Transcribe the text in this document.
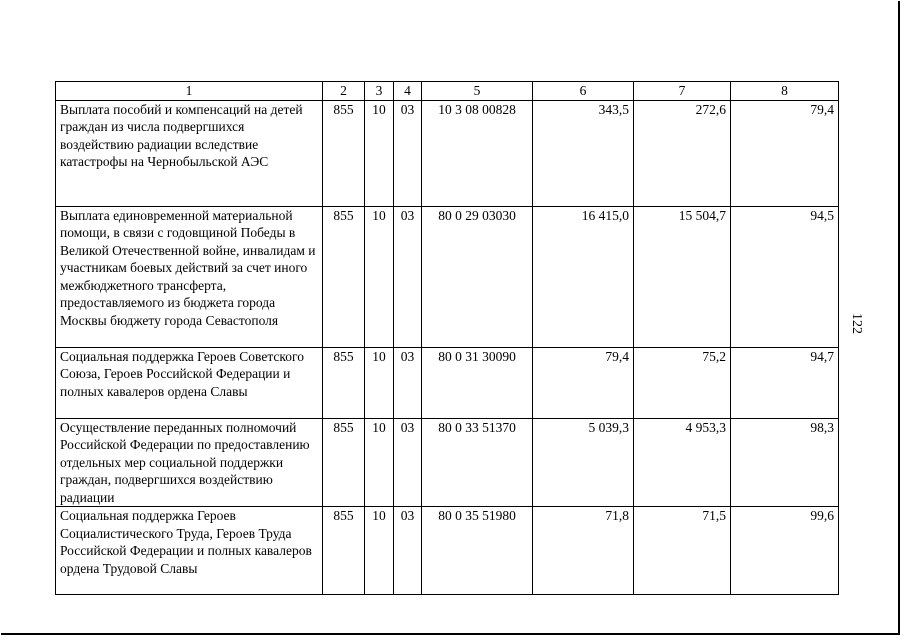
1	2	3	4	5	6	7	8
Выплата пособий и компенсаций на детей граждан из числа подвергшихся воздействию радиации вследствие катастрофы на Чернобыльской АЭС	855	10	03	10 3 08 00828	343,5	272,6	79,4
Выплата единовременной материальной помощи, в связи с годовщиной Победы в Великой Отечественной войне, инвалидам и участникам боевых действий за счет иного межбюджетного трансферта, предоставляемого из бюджета города Москвы бюджету города Севастополя	855	10	03	80 0 29 03030	16 415,0	15 504,7	94,5
Социальная поддержка Героев Советского Союза, Героев Российской Федерации и полных кавалеров ордена Славы	855	10	03	80 0 31 30090	79,4	75,2	94,7
Осуществление переданных полномочий Российской Федерации по предоставлению отдельных мер социальной поддержки граждан, подвергшихся воздействию радиации	855	10	03	80 0 33 51370	5 039,3	4 953,3	98,3
Социальная поддержка Героев Социалистического Труда, Героев Труда Российской Федерации и полных кавалеров ордена Трудовой Славы	855	10	03	80 0 35 51980	71,8	71,5	99,6
122
